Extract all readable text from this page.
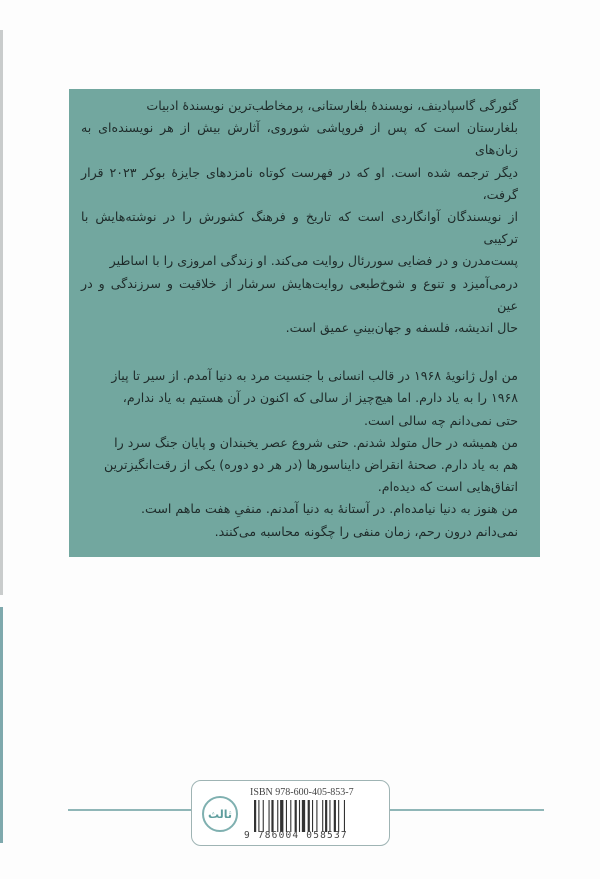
گئورگی گاسپادینف، نویسندهٔ بلغارستانی، پرمخاطب‌ترین نویسندهٔ ادبیات
بلغارستان است که پس از فروپاشی شوروی، آثارش بیش از هر نویسنده‌ای به زبان‌های
دیگر ترجمه شده است. او که در فهرست کوتاه نامزدهای جایزهٔ بوکر ۲۰۲۳ قرار گرفت،
از نویسندگان آوانگاردی است که تاریخ و فرهنگ کشورش را در نوشته‌هایش با ترکیبی
پست‌مدرن و در فضایی سوررئال روایت می‌کند. او زندگی امروزی را با اساطیر
درمی‌آمیزد و تنوع و شوخ‌طبعی روایت‌هایش سرشار از خلاقیت و سرزندگی و در عین
حال اندیشه، فلسفه و جهان‌بینیِ عمیق است.

من اول ژانویهٔ ۱۹۶۸ در قالب انسانی با جنسیت مرد به دنیا آمدم. از سیر تا پیاز
۱۹۶۸ را به یاد دارم. اما هیچ‌چیز از سالی که اکنون در آن هستیم به یاد ندارم،
حتی نمی‌دانم چه سالی است.
من همیشه در حال متولد شدنم. حتی شروع عصر یخبندان و پایان جنگ سرد را
هم به یاد دارم. صحنهٔ انقراض دایناسورها (در هر دو دوره) یکی از رقت‌انگیزترین
اتفاق‌هایی است که دیده‌ام.
من هنوز به دنیا نیامده‌ام. در آستانهٔ به دنیا آمدنم. منفیِ هفت ماهم است.
نمی‌دانم درون رحم، زمان منفی را چگونه محاسبه می‌کنند.

ثالث
ISBN 978-600-405-853-7
9 786004 058537
